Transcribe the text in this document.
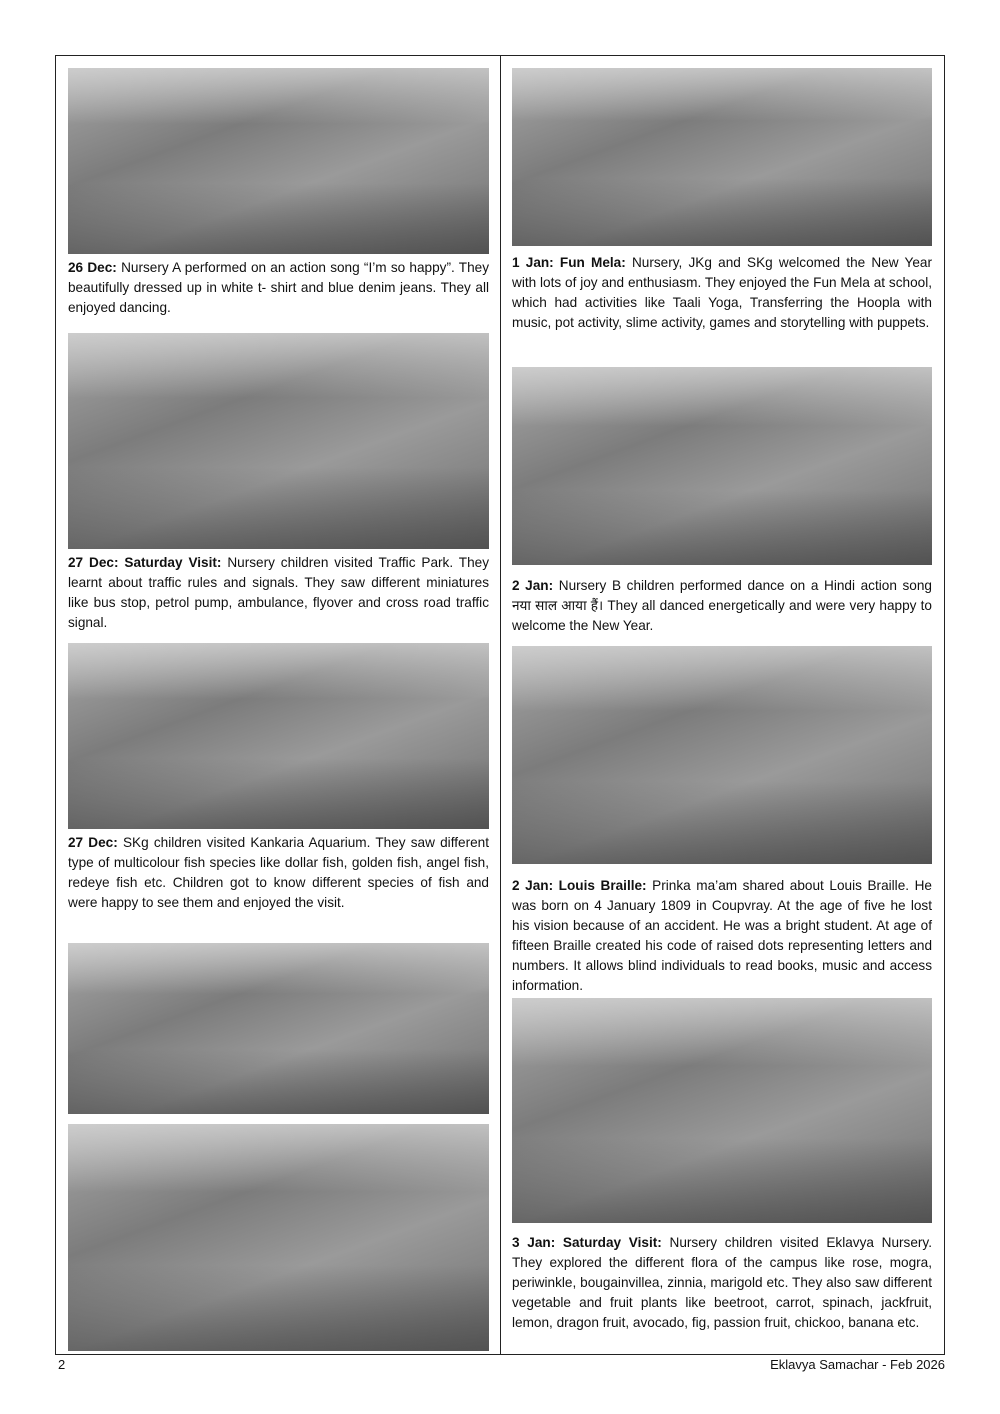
26 Dec: Nursery A performed on an action song “I’m so happy”. They beautifully dressed up in white t- shirt and blue denim jeans. They all enjoyed dancing.

27 Dec: Saturday Visit: Nursery children visited Traffic Park. They learnt about traffic rules and signals. They saw different miniatures like bus stop, petrol pump, ambulance, flyover and cross road traffic signal.

27 Dec: SKg children visited Kankaria Aquarium. They saw different type of multicolour fish species like dollar fish, golden fish, angel fish, redeye fish etc. Children got to know different species of fish and were happy to see them and enjoyed the visit.

1 Jan: Fun Mela: Nursery, JKg and SKg welcomed the New Year with lots of joy and enthusiasm. They enjoyed the Fun Mela at school, which had activities like Taali Yoga, Transferring the Hoopla with music, pot activity, slime activity, games and storytelling with puppets.

2 Jan: Nursery B children performed dance on a Hindi action song नया साल आया हैं। They all danced energetically and were very happy to welcome the New Year.

2 Jan: Louis Braille: Prinka ma’am shared about Louis Braille. He was born on 4 January 1809 in Coupvray. At the age of five he lost his vision because of an accident. He was a bright student. At age of fifteen Braille created his code of raised dots representing letters and numbers. It allows blind individuals to read books, music and access information.

3 Jan: Saturday Visit: Nursery children visited Eklavya Nursery. They explored the different flora of the campus like rose, mogra, periwinkle, bougainvillea, zinnia, marigold etc. They also saw different vegetable and fruit plants like beetroot, carrot, spinach, jackfruit, lemon, dragon fruit, avocado, fig, passion fruit, chickoo, banana etc.

2	Eklavya Samachar - Feb 2026
